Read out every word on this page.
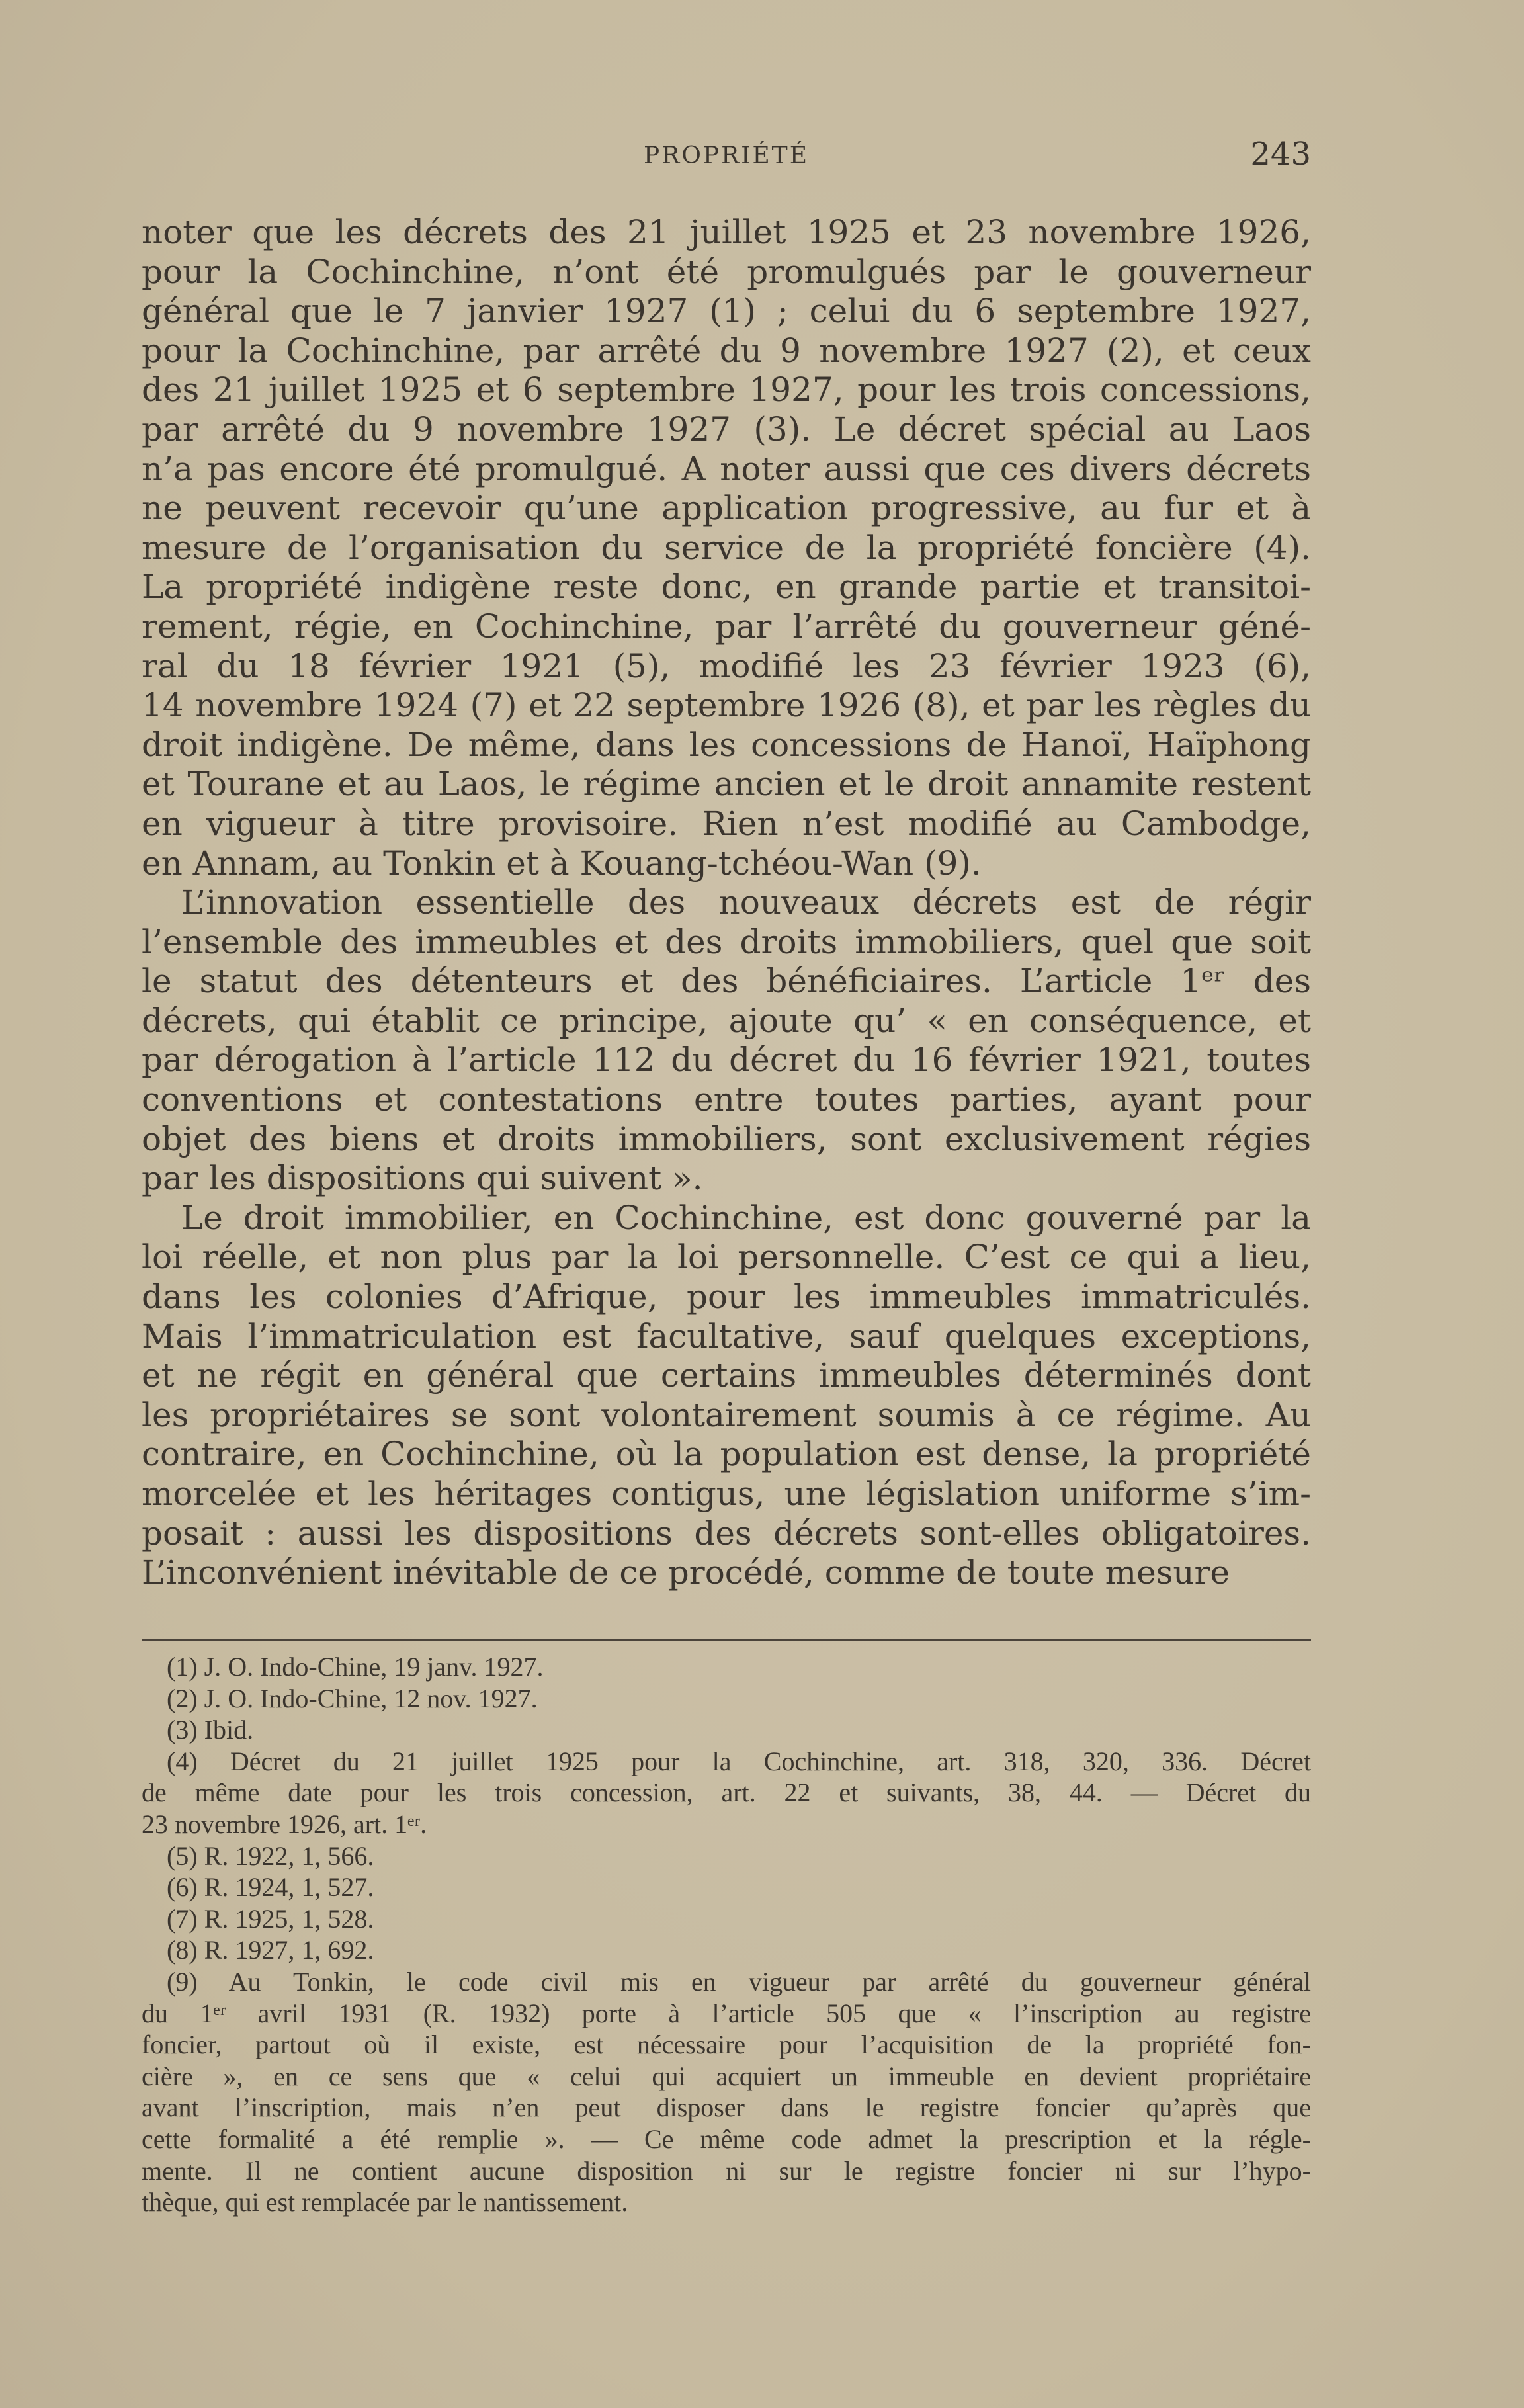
PROPRIÉTÉ	243
noter que les décrets des 21 juillet 1925 et 23 novembre 1926,
pour la Cochinchine, n’ont été promulgués par le gouverneur
général que le 7 janvier 1927 (1) ; celui du 6 septembre 1927,
pour la Cochinchine, par arrêté du 9 novembre 1927 (2), et ceux
des 21 juillet 1925 et 6 septembre 1927, pour les trois concessions,
par arrêté du 9 novembre 1927 (3). Le décret spécial au Laos
n’a pas encore été promulgué. A noter aussi que ces divers décrets
ne peuvent recevoir qu’une application progressive, au fur et à
mesure de l’organisation du service de la propriété foncière (4).
La propriété indigène reste donc, en grande partie et transitoi-
rement, régie, en Cochinchine, par l’arrêté du gouverneur géné-
ral du 18 février 1921 (5), modifié les 23 février 1923 (6),
14 novembre 1924 (7) et 22 septembre 1926 (8), et par les règles du
droit indigène. De même, dans les concessions de Hanoï, Haïphong
et Tourane et au Laos, le régime ancien et le droit annamite restent
en vigueur à titre provisoire. Rien n’est modifié au Cambodge,
en Annam, au Tonkin et à Kouang-tchéou-Wan (9).
L’innovation essentielle des nouveaux décrets est de régir
l’ensemble des immeubles et des droits immobiliers, quel que soit
le statut des détenteurs et des bénéficiaires. L’article 1ᵉʳ des
décrets, qui établit ce principe, ajoute qu’ « en conséquence, et
par dérogation à l’article 112 du décret du 16 février 1921, toutes
conventions et contestations entre toutes parties, ayant pour
objet des biens et droits immobiliers, sont exclusivement régies
par les dispositions qui suivent ».
Le droit immobilier, en Cochinchine, est donc gouverné par la
loi réelle, et non plus par la loi personnelle. C’est ce qui a lieu,
dans les colonies d’Afrique, pour les immeubles immatriculés.
Mais l’immatriculation est facultative, sauf quelques exceptions,
et ne régit en général que certains immeubles déterminés dont
les propriétaires se sont volontairement soumis à ce régime. Au
contraire, en Cochinchine, où la population est dense, la propriété
morcelée et les héritages contigus, une législation uniforme s’im-
posait : aussi les dispositions des décrets sont-elles obligatoires.
L’inconvénient inévitable de ce procédé, comme de toute mesure
(1) J. O. Indo-Chine, 19 janv. 1927.
(2) J. O. Indo-Chine, 12 nov. 1927.
(3) Ibid.
(4) Décret du 21 juillet 1925 pour la Cochinchine, art. 318, 320, 336. Décret
de même date pour les trois concession, art. 22 et suivants, 38, 44. — Décret du
23 novembre 1926, art. 1ᵉʳ.
(5) R. 1922, 1, 566.
(6) R. 1924, 1, 527.
(7) R. 1925, 1, 528.
(8) R. 1927, 1, 692.
(9) Au Tonkin, le code civil mis en vigueur par arrêté du gouverneur général
du 1ᵉʳ avril 1931 (R. 1932) porte à l’article 505 que « l’inscription au registre
foncier, partout où il existe, est nécessaire pour l’acquisition de la propriété fon-
cière », en ce sens que « celui qui acquiert un immeuble en devient propriétaire
avant l’inscription, mais n’en peut disposer dans le registre foncier qu’après que
cette formalité a été remplie ». — Ce même code admet la prescription et la régle-
mente. Il ne contient aucune disposition ni sur le registre foncier ni sur l’hypo-
thèque, qui est remplacée par le nantissement.
